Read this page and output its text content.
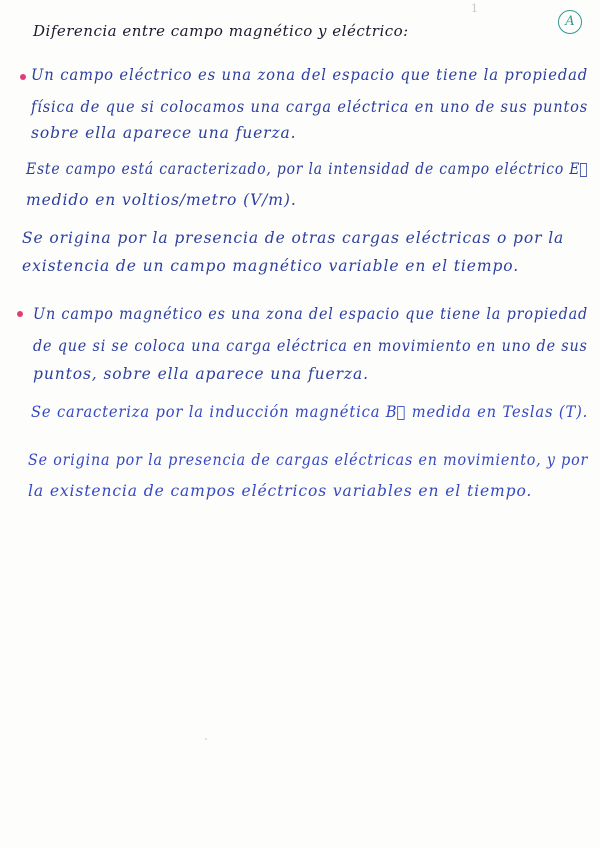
1
A
Diferencia entre campo magnético y eléctrico:
Un campo eléctrico es una zona del espacio que tiene la propiedad
física de que si colocamos una carga eléctrica en uno de sus puntos
sobre ella aparece una fuerza.
Este campo está caracterizado, por la intensidad de campo eléctrico E⃗
medido en voltios/metro (V/m).
Se origina por la presencia de otras cargas eléctricas o por la
existencia de un campo magnético variable en el tiempo.
Un campo magnético es una zona del espacio que tiene la propiedad
de que si se coloca una carga eléctrica en movimiento en uno de sus
puntos, sobre ella aparece una fuerza.
Se caracteriza por la inducción magnética B⃗ medida en Teslas (T).
Se origina por la presencia de cargas eléctricas en movimiento, y por
la existencia de campos eléctricos variables en el tiempo.
